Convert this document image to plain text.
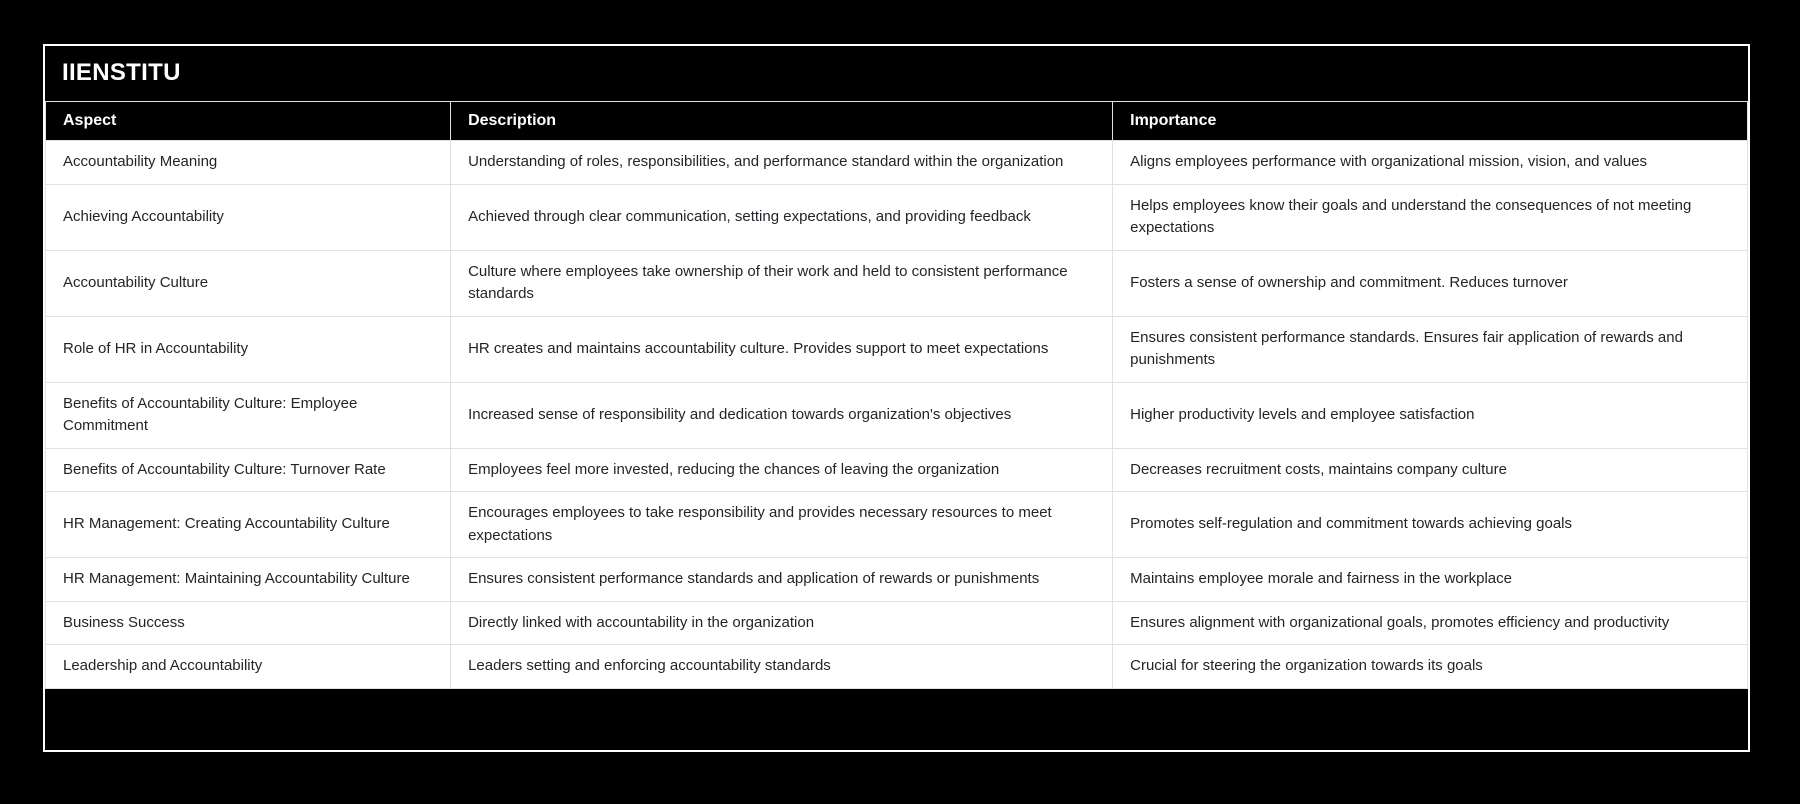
IIENSTITU
Aspect	Description	Importance
Accountability Meaning	Understanding of roles, responsibilities, and performance standard within the organization	Aligns employees performance with organizational mission, vision, and values
Achieving Accountability	Achieved through clear communication, setting expectations, and providing feedback	Helps employees know their goals and understand the consequences of not meeting expectations
Accountability Culture	Culture where employees take ownership of their work and held to consistent performance standards	Fosters a sense of ownership and commitment. Reduces turnover
Role of HR in Accountability	HR creates and maintains accountability culture. Provides support to meet expectations	Ensures consistent performance standards. Ensures fair application of rewards and punishments
Benefits of Accountability Culture: Employee Commitment	Increased sense of responsibility and dedication towards organization's objectives	Higher productivity levels and employee satisfaction
Benefits of Accountability Culture: Turnover Rate	Employees feel more invested, reducing the chances of leaving the organization	Decreases recruitment costs, maintains company culture
HR Management: Creating Accountability Culture	Encourages employees to take responsibility and provides necessary resources to meet expectations	Promotes self-regulation and commitment towards achieving goals
HR Management: Maintaining Accountability Culture	Ensures consistent performance standards and application of rewards or punishments	Maintains employee morale and fairness in the workplace
Business Success	Directly linked with accountability in the organization	Ensures alignment with organizational goals, promotes efficiency and productivity
Leadership and Accountability	Leaders setting and enforcing accountability standards	Crucial for steering the organization towards its goals
